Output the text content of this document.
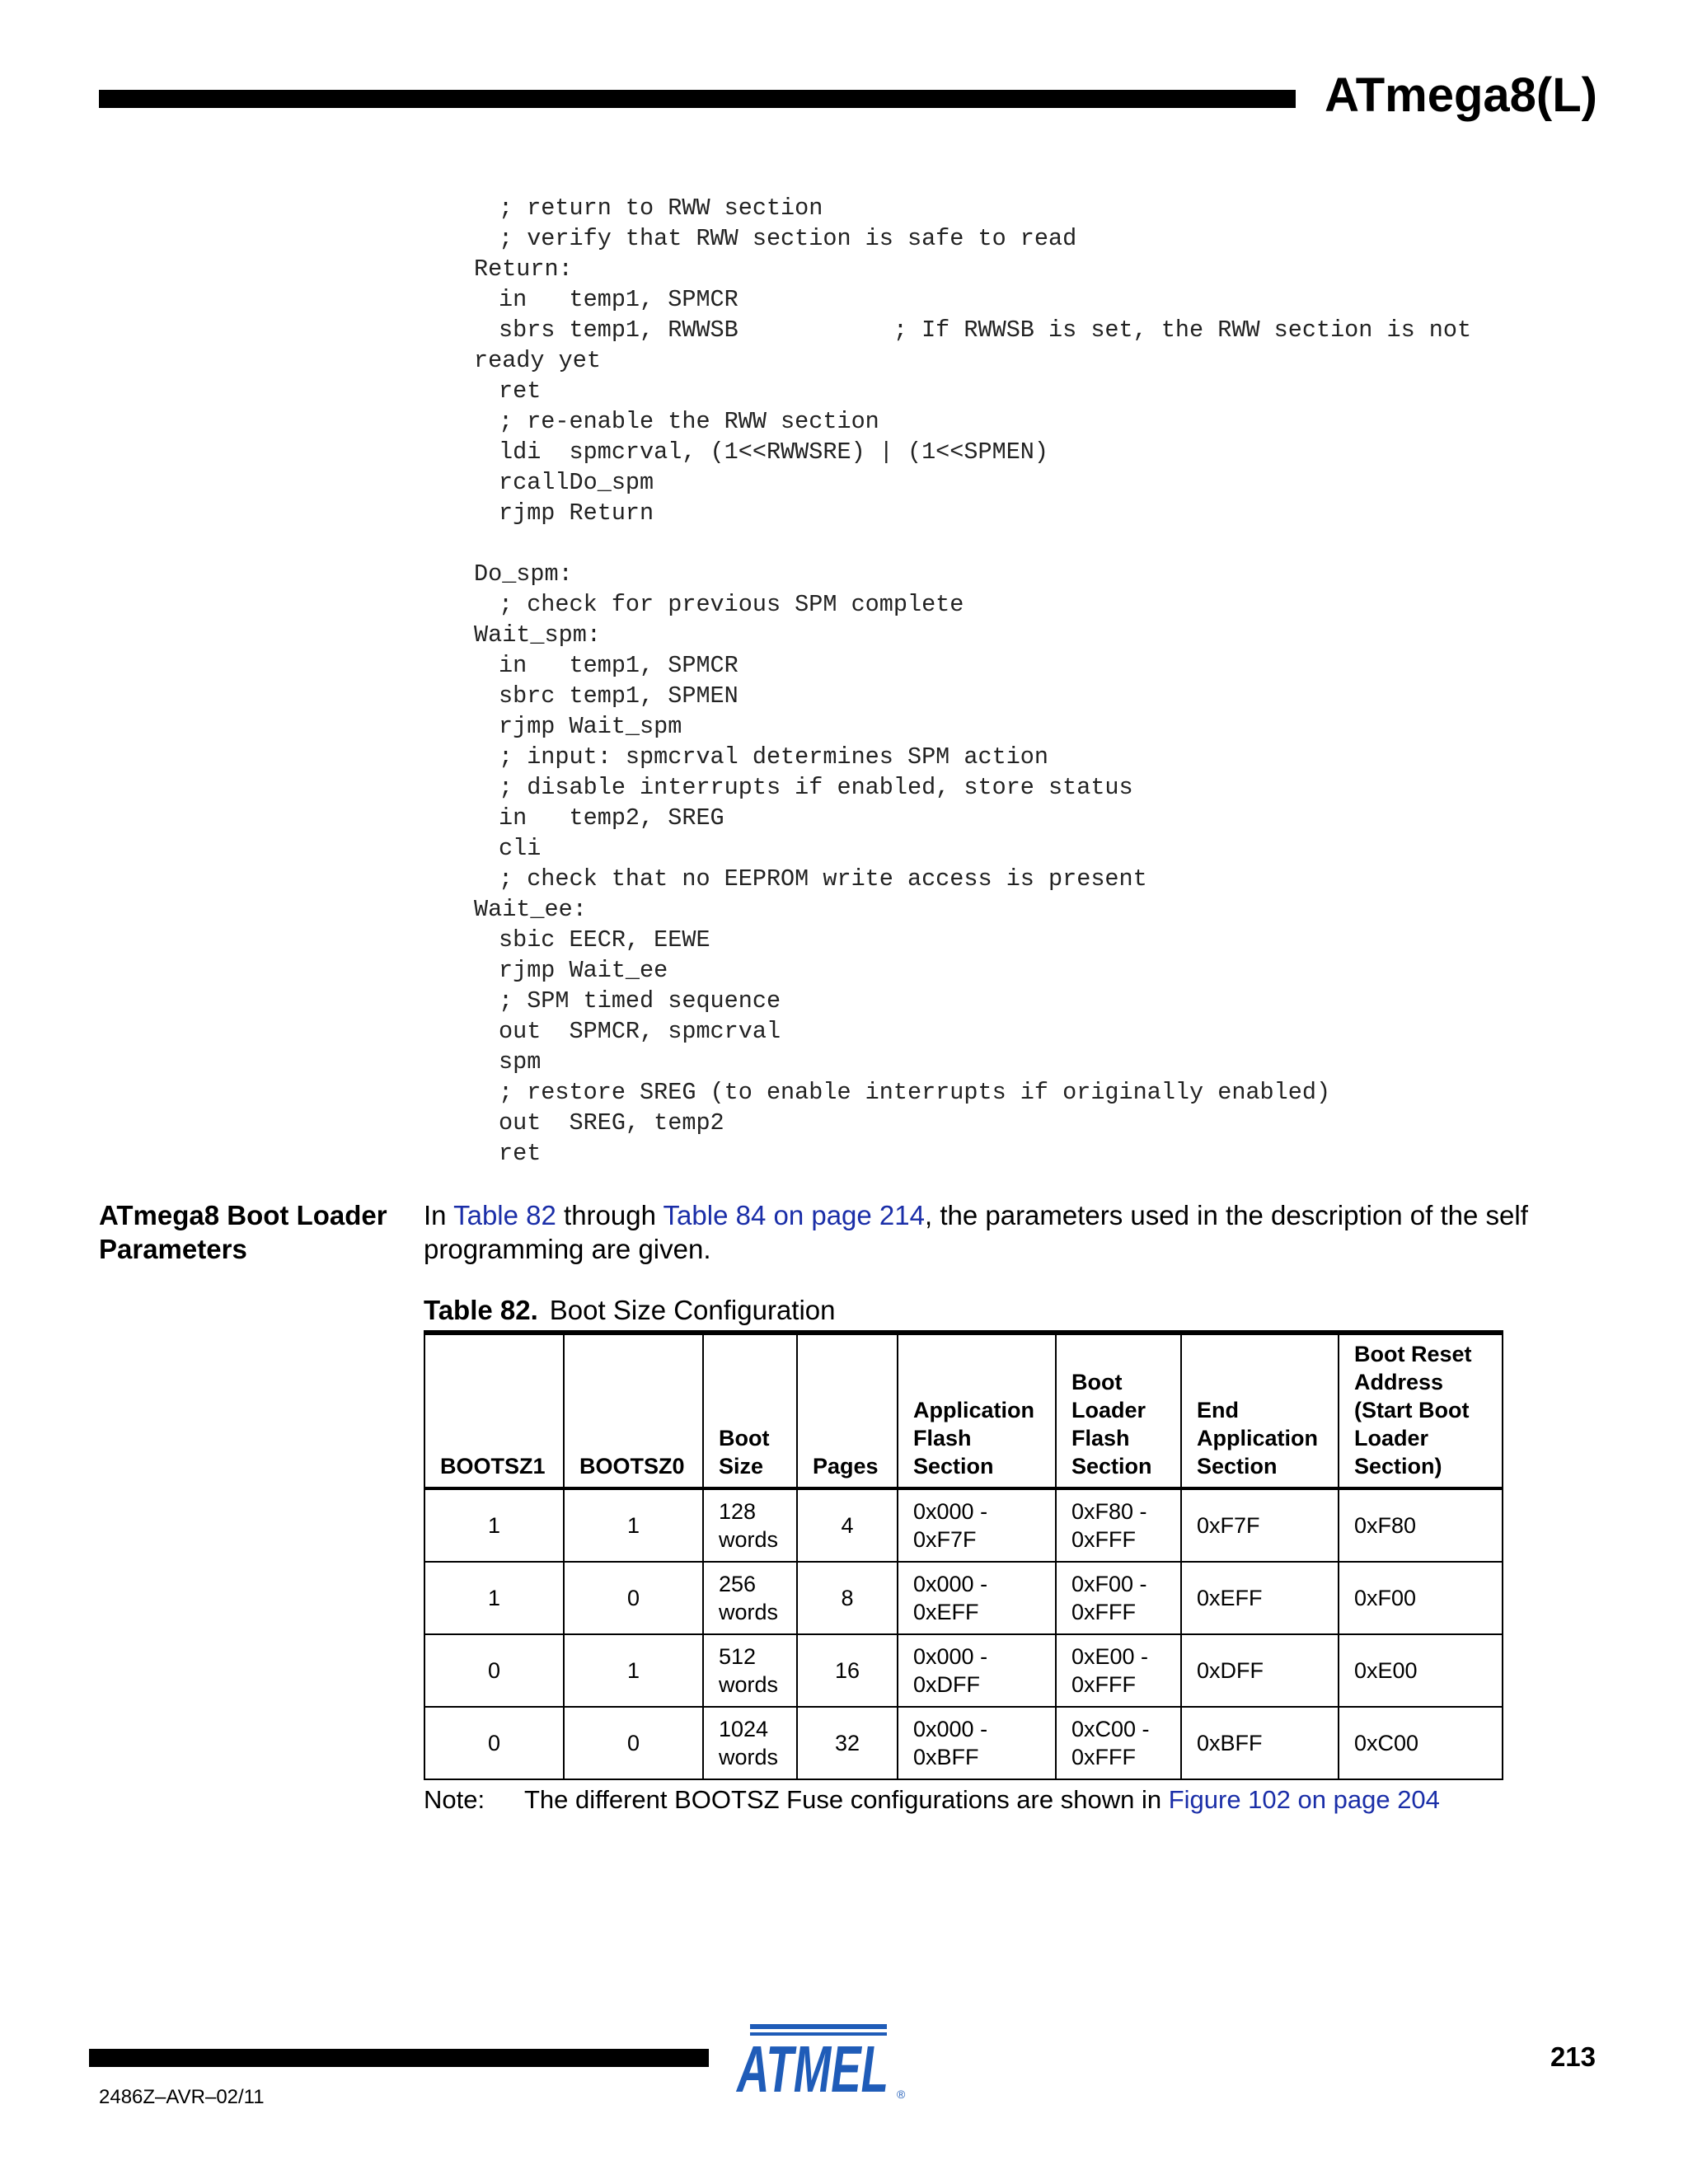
ATmega8(L)
; return to RWW section
; verify that RWW section is safe to read
Return:
in   temp1, SPMCR
sbrs temp1, RWWSB           ; If RWWSB is set, the RWW section is not
ready yet
ret
; re-enable the RWW section
ldi  spmcrval, (1<<RWWSRE) | (1<<SPMEN)
rcallDo_spm
rjmp Return
Do_spm:
; check for previous SPM complete
Wait_spm:
in   temp1, SPMCR
sbrc temp1, SPMEN
rjmp Wait_spm
; input: spmcrval determines SPM action
; disable interrupts if enabled, store status
in   temp2, SREG
cli
; check that no EEPROM write access is present
Wait_ee:
sbic EECR, EEWE
rjmp Wait_ee
; SPM timed sequence
out  SPMCR, spmcrval
spm
; restore SREG (to enable interrupts if originally enabled)
out  SREG, temp2
ret
ATmega8 Boot Loader Parameters
In Table 82 through Table 84 on page 214, the parameters used in the description of the self programming are given.
Table 82. Boot Size Configuration
BOOTSZ1	BOOTSZ0	Boot Size	Pages	Application Flash Section	Boot Loader Flash Section	End Application Section	Boot Reset Address (Start Boot Loader Section)
1	1	128 words	4	0x000 - 0xF7F	0xF80 - 0xFFF	0xF7F	0xF80
1	0	256 words	8	0x000 - 0xEFF	0xF00 - 0xFFF	0xEFF	0xF00
0	1	512 words	16	0x000 - 0xDFF	0xE00 - 0xFFF	0xDFF	0xE00
0	0	1024 words	32	0x000 - 0xBFF	0xC00 - 0xFFF	0xBFF	0xC00
Note: The different BOOTSZ Fuse configurations are shown in Figure 102 on page 204
ATMEL ®
213
2486Z–AVR–02/11
